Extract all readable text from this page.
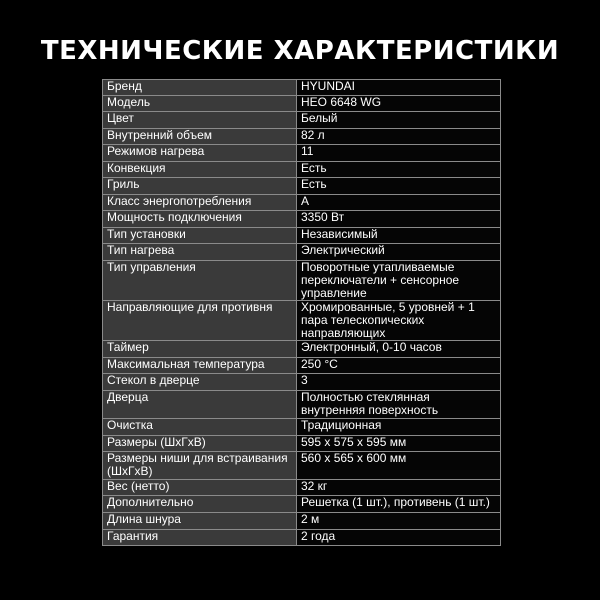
ТЕХНИЧЕСКИЕ ХАРАКТЕРИСТИКИ
Бренд	HYUNDAI
Модель	HEO 6648 WG
Цвет	Белый
Внутренний объем	82 л
Режимов нагрева	11
Конвекция	Есть
Гриль	Есть
Класс энергопотребления	A
Мощность подключения	3350 Вт
Тип установки	Независимый
Тип нагрева	Электрический
Тип управления	Поворотные утапливаемые переключатели + сенсорное управление
Направляющие для противня	Хромированные, 5 уровней + 1 пара телескопических направляющих
Таймер	Электронный, 0-10 часов
Максимальная температура	250 °C
Стекол в дверце	3
Дверца	Полностью стеклянная внутренняя поверхность
Очистка	Традиционная
Размеры (ШхГхВ)	595 х 575 х 595 мм
Размеры ниши для встраивания (ШхГхВ)	560 х 565 х 600 мм
Вес (нетто)	32 кг
Дополнительно	Решетка (1 шт.), противень (1 шт.)
Длина шнура	2 м
Гарантия	2 года
